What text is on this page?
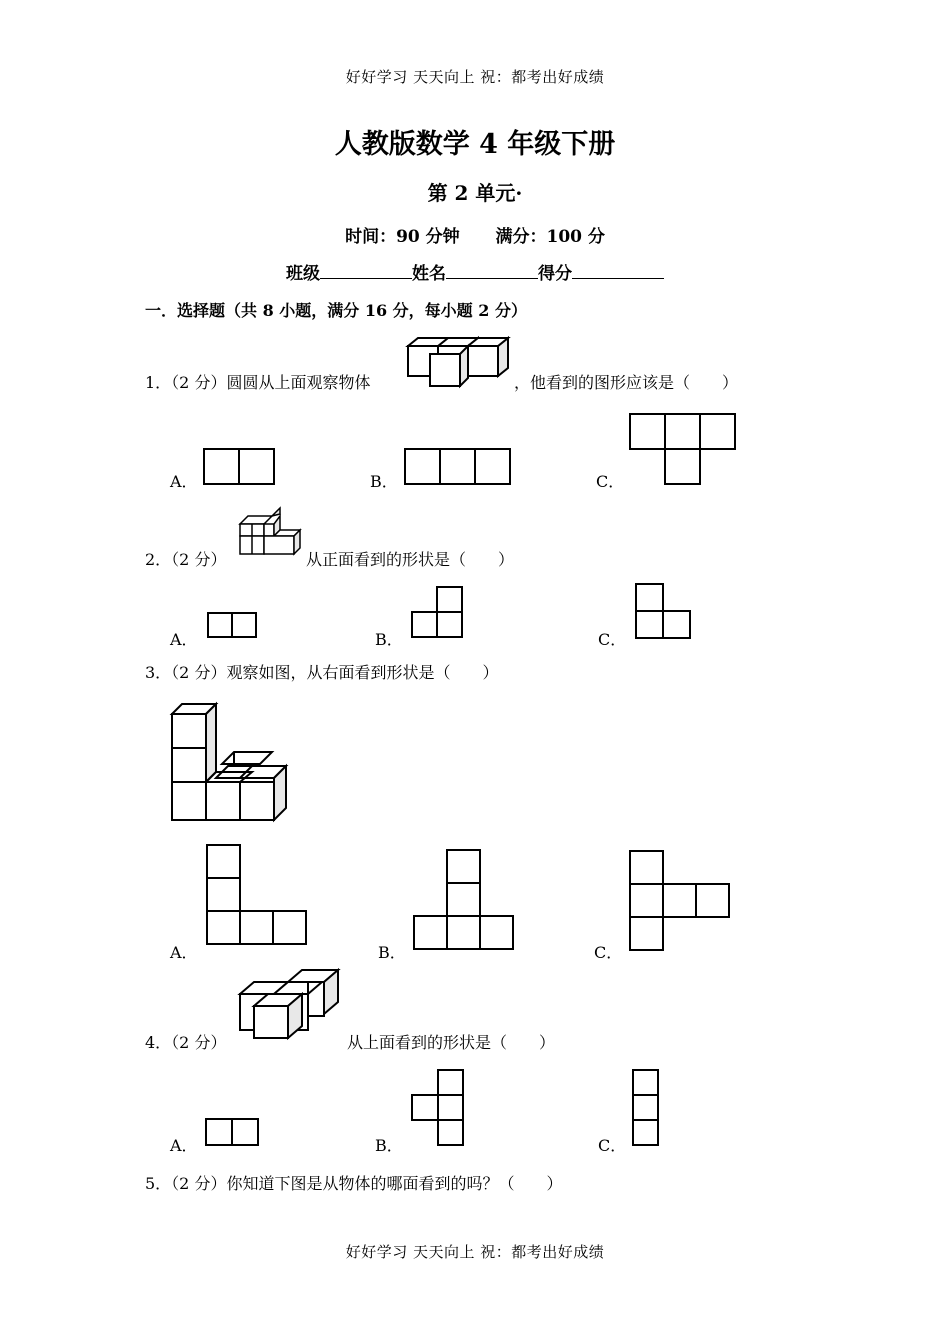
好好学习 天天向上 祝：都考出好成绩
人教版数学 4 年级下册
第 2 单元·
时间：90 分钟 满分：100 分
班级	姓名	得分
一．选择题（共 8 小题，满分 16 分，每小题 2 分）
1．（2 分）圆圆从上面观察物体	，他看到的图形应该是（　　）
A．	B．	C．
2．（2 分）	从正面看到的形状是（　　）
A．	B．	C．
3．（2 分）观察如图，从右面看到形状是（　　）
A．	B．	C．
4．（2 分）	从上面看到的形状是（　　）
A．	B．	C．
5．（2 分）你知道下图是从物体的哪面看到的吗？（　　）
好好学习 天天向上 祝：都考出好成绩
